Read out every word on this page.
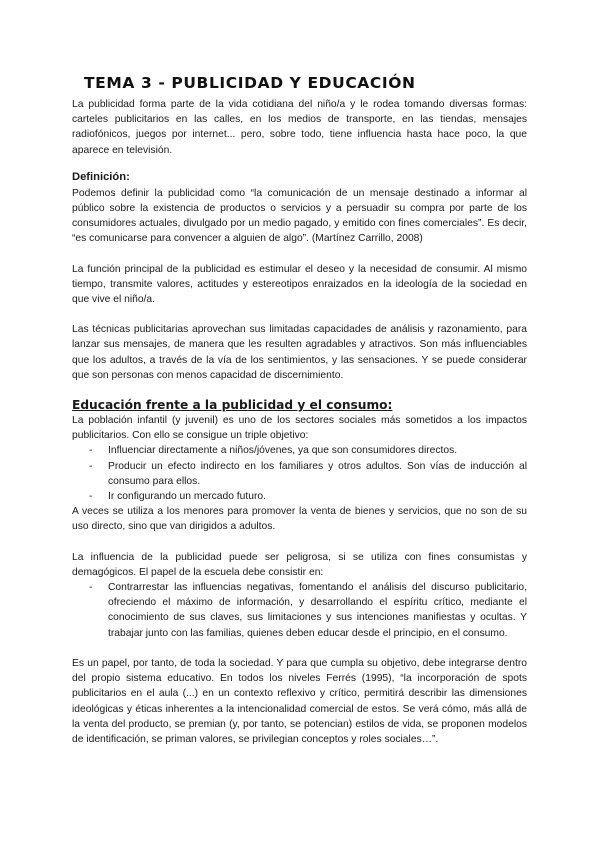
TEMA 3 - PUBLICIDAD Y EDUCACIÓN

La publicidad forma parte de la vida cotidiana del niño/a y le rodea tomando diversas formas: carteles publicitarios en las calles, en los medios de transporte, en las tiendas, mensajes radiofónicos, juegos por internet... pero, sobre todo, tiene influencia hasta hace poco, la que aparece en televisión.

Definición:

Podemos definir la publicidad como “la comunicación de un mensaje destinado a informar al público sobre la existencia de productos o servicios y a persuadir su compra por parte de los consumidores actuales, divulgado por un medio pagado, y emitido con fines comerciales”. Es decir, “es comunicarse para convencer a alguien de algo”. (Martínez Carrillo, 2008)

La función principal de la publicidad es estimular el deseo y la necesidad de consumir. Al mismo tiempo, transmite valores, actitudes y estereotipos enraizados en la ideología de la sociedad en que vive el niño/a.

Las técnicas publicitarias aprovechan sus limitadas capacidades de análisis y razonamiento, para lanzar sus mensajes, de manera que les resulten agradables y atractivos. Son más influenciables que los adultos, a través de la vía de los sentimientos, y las sensaciones. Y se puede considerar que son personas con menos capacidad de discernimiento.

Educación frente a la publicidad y el consumo:

La población infantil (y juvenil) es uno de los sectores sociales más sometidos a los impactos publicitarios. Con ello se consigue un triple objetivo:

- Influenciar directamente a niños/jóvenes, ya que son consumidores directos.
- Producir un efecto indirecto en los familiares y otros adultos. Son vías de inducción al consumo para ellos.
- Ir configurando un mercado futuro.

A veces se utiliza a los menores para promover la venta de bienes y servicios, que no son de su uso directo, sino que van dirigidos a adultos.

La influencia de la publicidad puede ser peligrosa, si se utiliza con fines consumistas y demagógicos. El papel de la escuela debe consistir en:

- Contrarrestar las influencias negativas, fomentando el análisis del discurso publicitario, ofreciendo el máximo de información, y desarrollando el espíritu crítico, mediante el conocimiento de sus claves, sus limitaciones y sus intenciones manifiestas y ocultas. Y trabajar junto con las familias, quienes deben educar desde el principio, en el consumo.

Es un papel, por tanto, de toda la sociedad. Y para que cumpla su objetivo, debe integrarse dentro del propio sistema educativo. En todos los niveles Ferrés (1995), “la incorporación de spots publicitarios en el aula (...) en un contexto reflexivo y crítico, permitirá describir las dimensiones ideológicas y éticas inherentes a la intencionalidad comercial de estos. Se verá cómo, más allá de la venta del producto, se premian (y, por tanto, se potencian) estilos de vida, se proponen modelos de identificación, se priman valores, se privilegian conceptos y roles sociales…”.
